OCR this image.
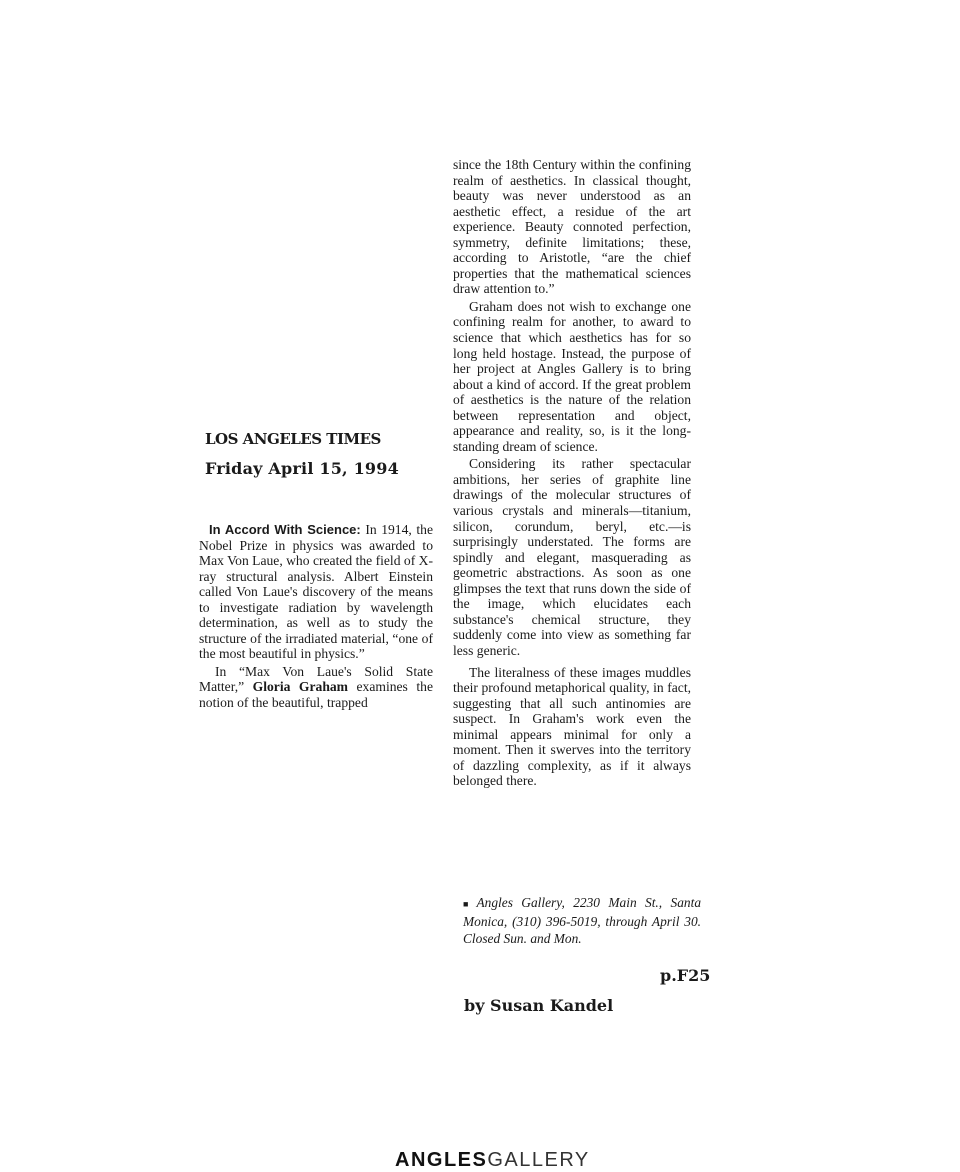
LOS ANGELES TIMES
Friday April 15, 1994

In Accord With Science: In 1914, the Nobel Prize in physics was awarded to Max Von Laue, who created the field of X-ray structural analysis. Albert Einstein called Von Laue's discovery of the means to investigate radiation by wavelength determination, as well as to study the structure of the irradiated material, “one of the most beautiful in physics.”

In “Max Von Laue's Solid State Matter,” Gloria Graham examines the notion of the beautiful, trapped

since the 18th Century within the confining realm of aesthetics. In classical thought, beauty was never understood as an aesthetic effect, a residue of the art experience. Beauty connoted perfection, symmetry, definite limitations; these, according to Aristotle, “are the chief properties that the mathematical sciences draw attention to.”

Graham does not wish to exchange one confining realm for another, to award to science that which aesthetics has for so long held hostage. Instead, the purpose of her project at Angles Gallery is to bring about a kind of accord. If the great problem of aesthetics is the nature of the relation between representation and object, appearance and reality, so, is it the long-standing dream of science.

Considering its rather spectacular ambitions, her series of graphite line drawings of the molecular structures of various crystals and minerals—titanium, silicon, corundum, beryl, etc.—is surprisingly understated. The forms are spindly and elegant, masquerading as geometric abstractions. As soon as one glimpses the text that runs down the side of the image, which elucidates each substance's chemical structure, they suddenly come into view as something far less generic.

The literalness of these images muddles their profound metaphorical quality, in fact, suggesting that all such antinomies are suspect. In Graham's work even the minimal appears minimal for only a moment. Then it swerves into the territory of dazzling complexity, as if it always belonged there.

■ Angles Gallery, 2230 Main St., Santa Monica, (310) 396-5019, through April 30. Closed Sun. and Mon.
p.F25
by Susan Kandel
ANGLESGALLERY
